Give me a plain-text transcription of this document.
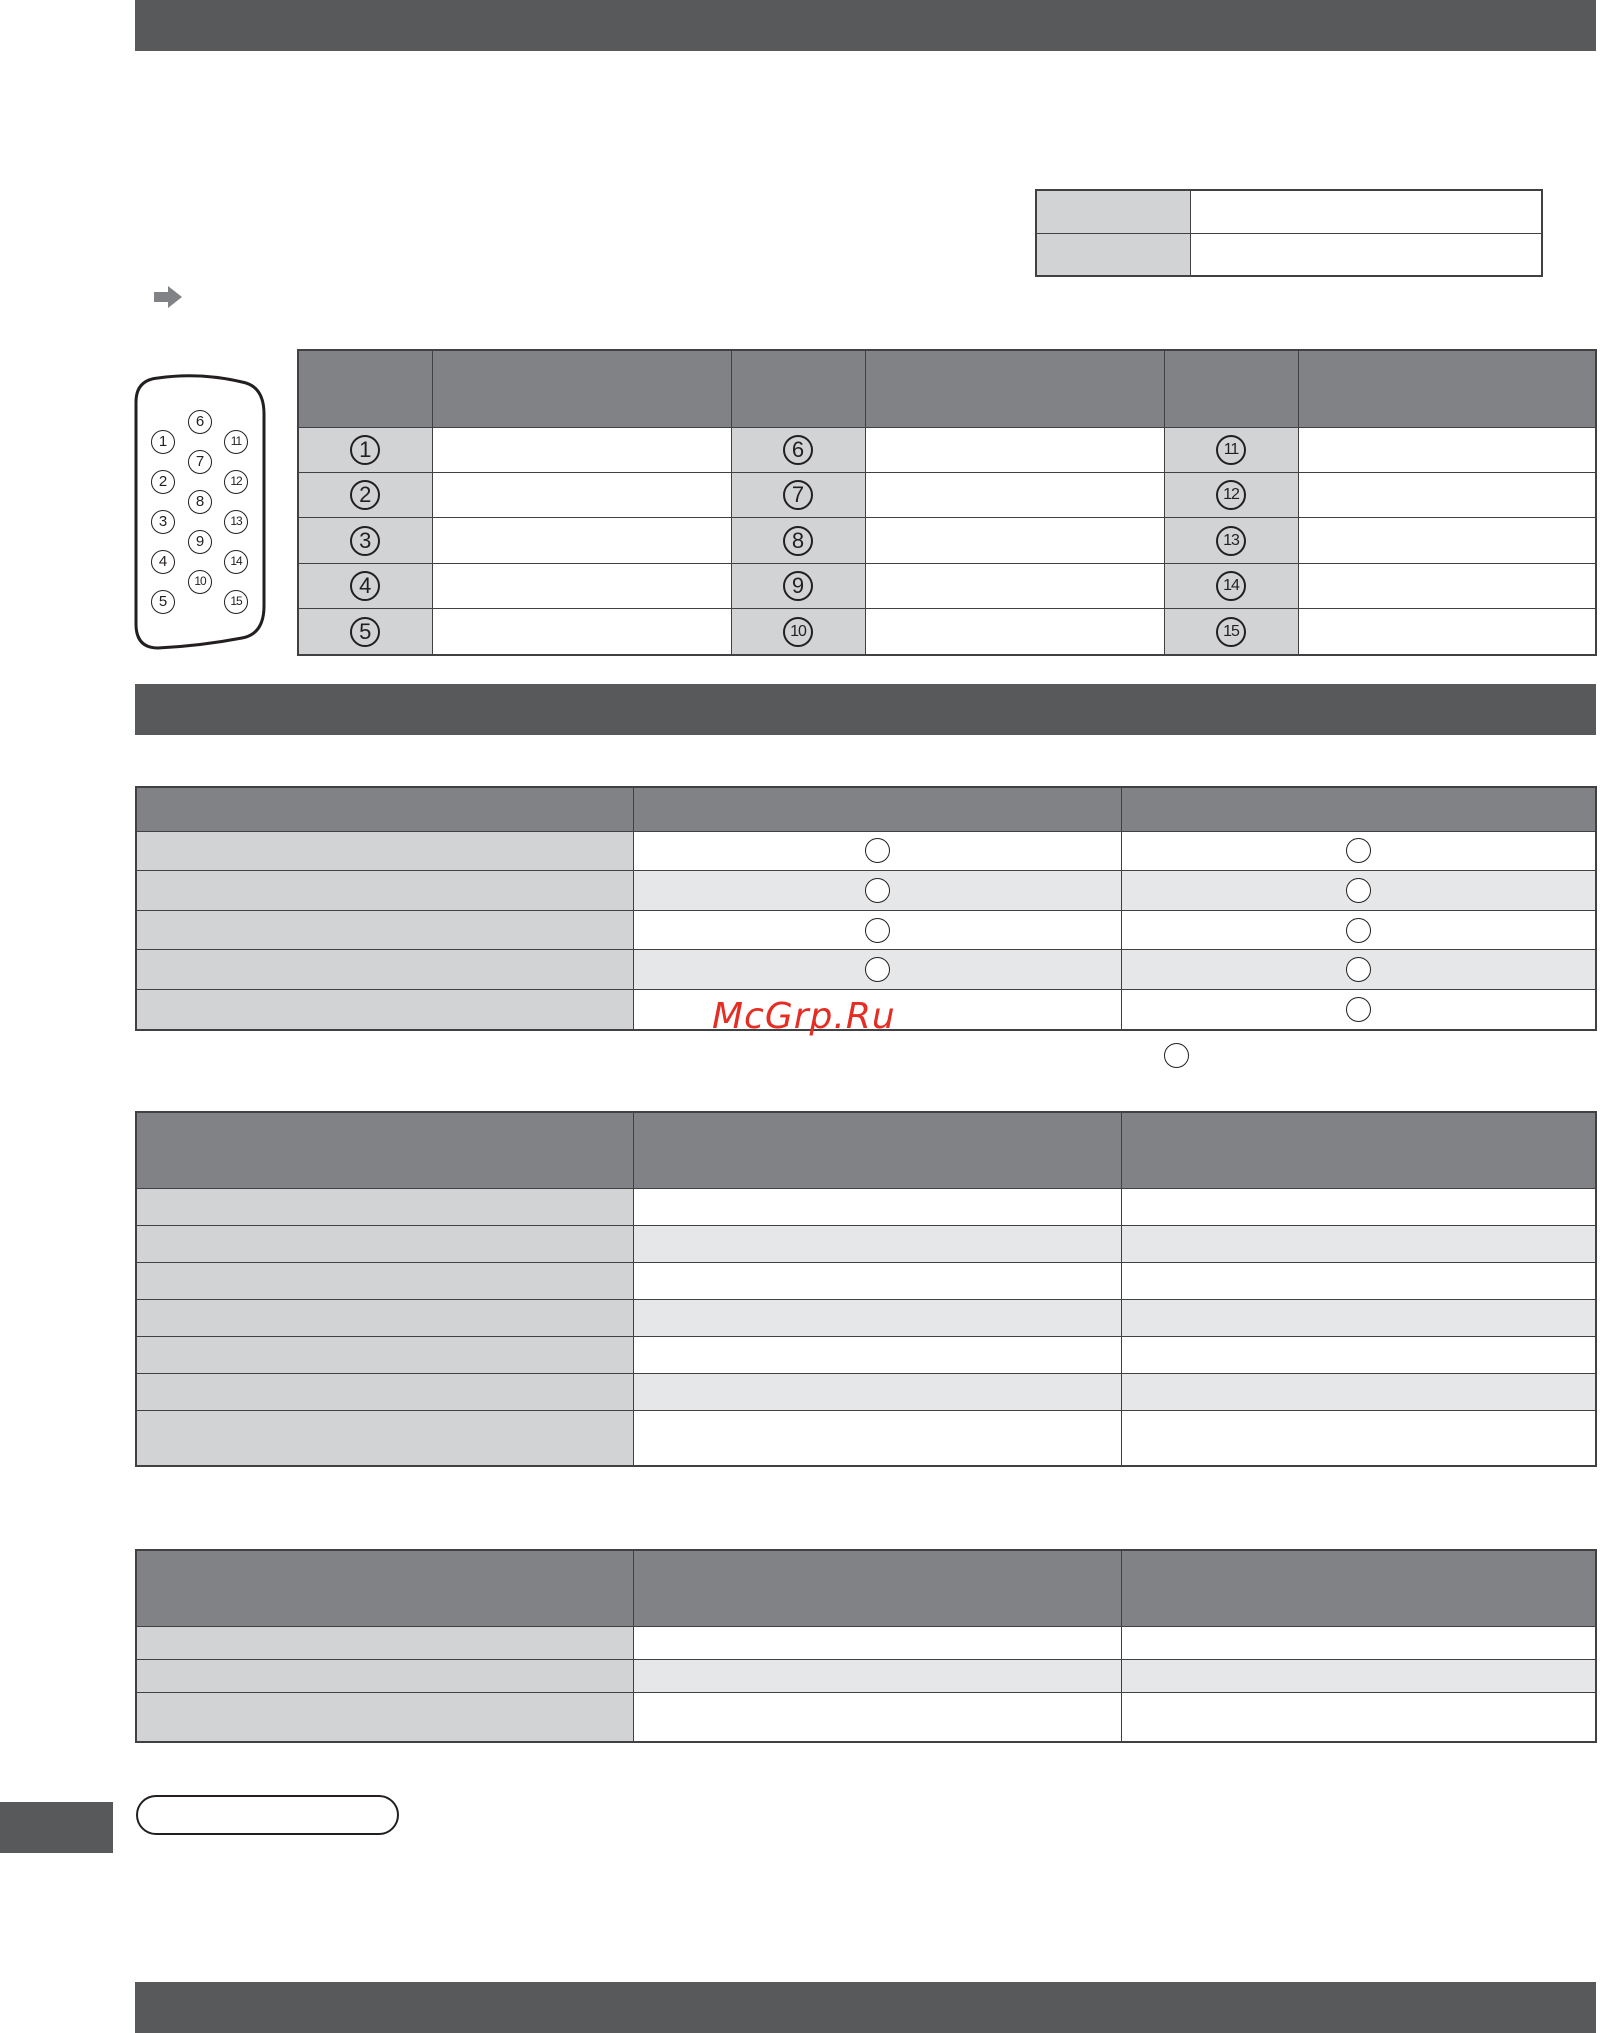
1
2
3
4
5
6
7
8
9
10
11
12
13
14
15

1		6		11	
2		7		12	
3		8		13	
4		9		14	
5		10		15	

McGrp.Ru
